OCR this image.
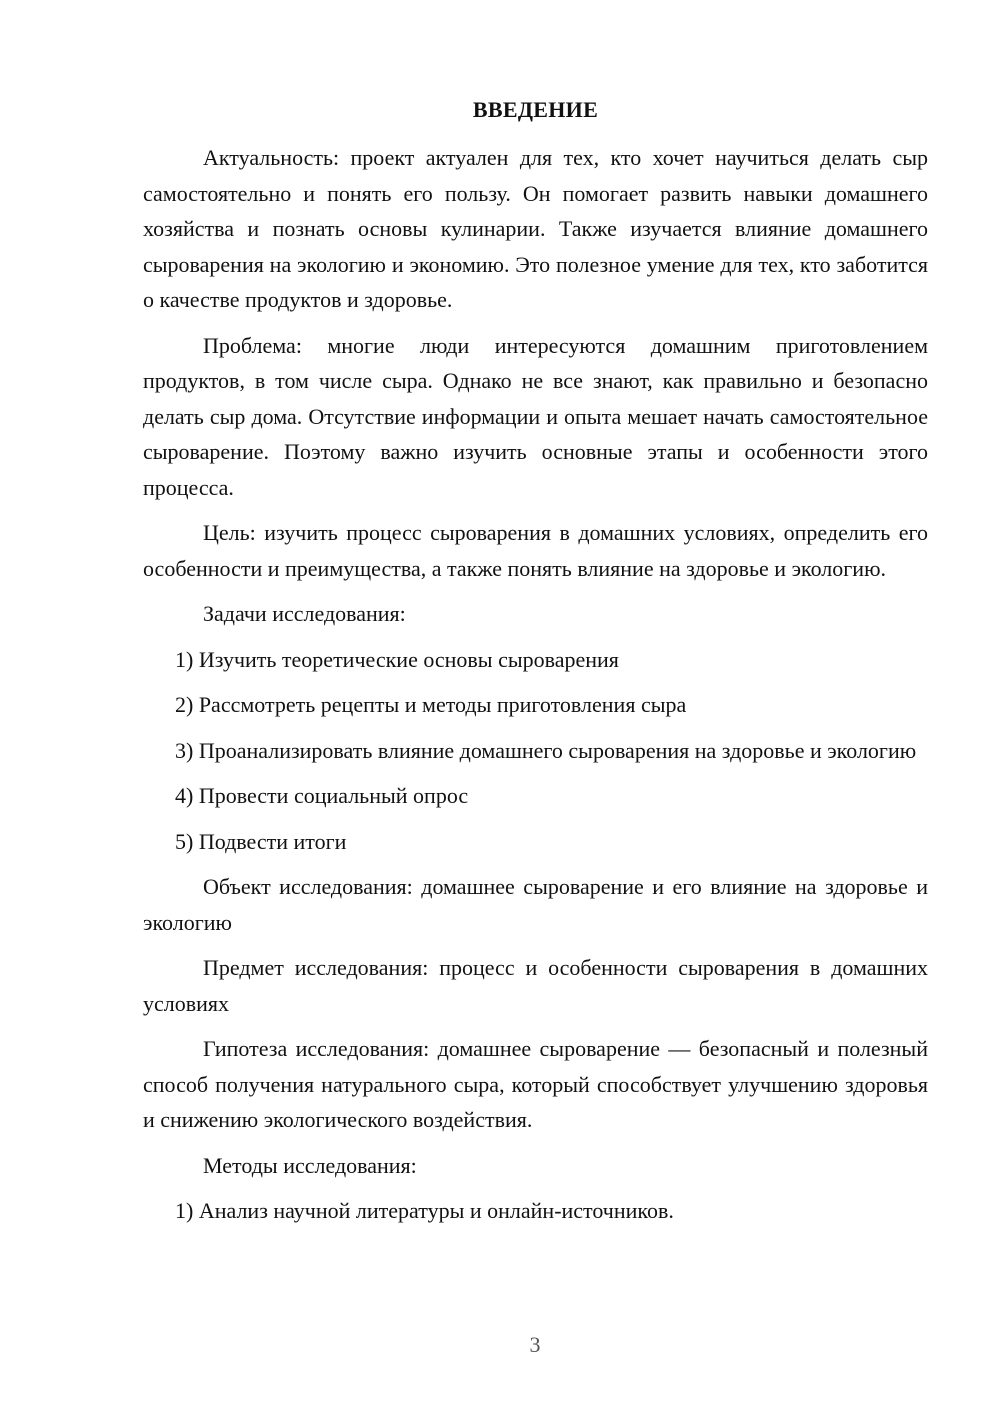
ВВЕДЕНИЕ

Актуальность: проект актуален для тех, кто хочет научиться делать сыр самостоятельно и понять его пользу. Он помогает развить навыки домашнего хозяйства и познать основы кулинарии. Также изучается влияние домашнего сыроварения на экологию и экономию. Это полезное умение для тех, кто заботится о качестве продуктов и здоровье.

Проблема: многие люди интересуются домашним приготовлением продуктов, в том числе сыра. Однако не все знают, как правильно и безопасно делать сыр дома. Отсутствие информации и опыта мешает начать самостоятельное сыроварение. Поэтому важно изучить основные этапы и особенности этого процесса.

Цель: изучить процесс сыроварения в домашних условиях, определить его особенности и преимущества, а также понять влияние на здоровье и экологию.

Задачи исследования:

1) Изучить теоретические основы сыроварения

2) Рассмотреть рецепты и методы приготовления сыра

3) Проанализировать влияние домашнего сыроварения на здоровье и экологию

4) Провести социальный опрос

5) Подвести итоги

Объект исследования: домашнее сыроварение и его влияние на здоровье и экологию

Предмет исследования: процесс и особенности сыроварения в домашних условиях

Гипотеза исследования: домашнее сыроварение — безопасный и полезный способ получения натурального сыра, который способствует улучшению здоровья и снижению экологического воздействия.

Методы исследования:

1) Анализ научной литературы и онлайн-источников.

3
